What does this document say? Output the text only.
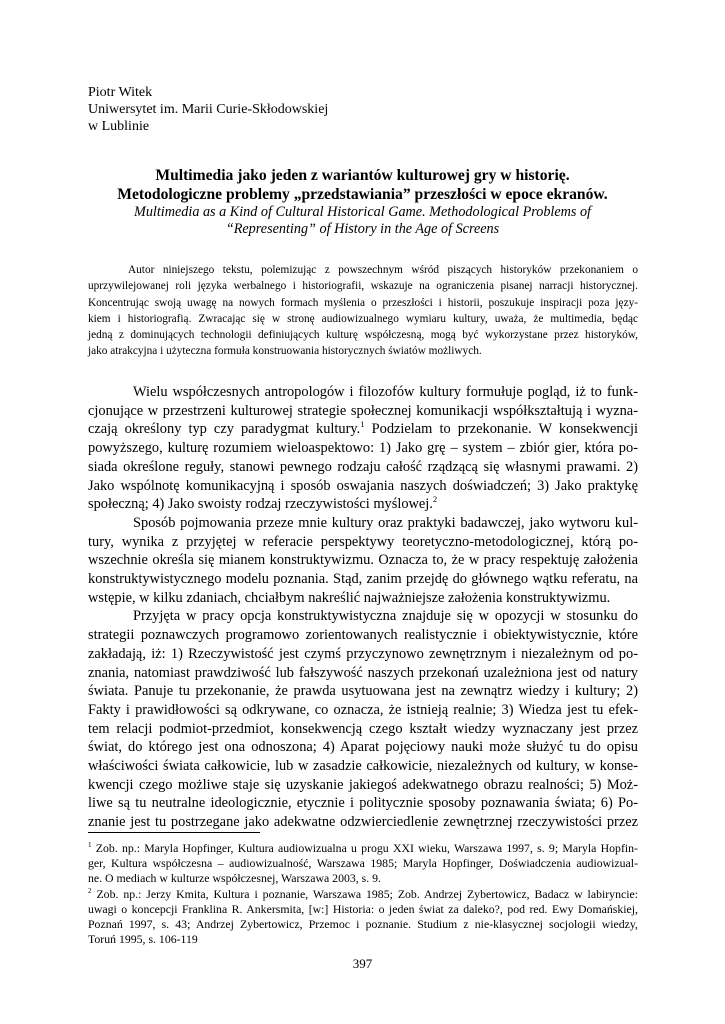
Piotr Witek
Uniwersytet im. Marii Curie-Skłodowskiej
w Lublinie
Multimedia jako jeden z wariantów kulturowej gry w historię.
Metodologiczne problemy „przedstawiania” przeszłości w epoce ekranów.
Multimedia as a Kind of Cultural Historical Game. Methodological Problems of
“Representing” of History in the Age of Screens
Autor niniejszego tekstu, polemizując z powszechnym wśród piszących historyków przekonaniem o
uprzywilejowanej roli języka werbalnego i historiografii, wskazuje na ograniczenia pisanej narracji historycznej.
Koncentrując swoją uwagę na nowych formach myślenia o przeszłości i historii, poszukuje inspiracji poza języ-
kiem i historiografią. Zwracając się w stronę audiowizualnego wymiaru kultury, uważa, że multimedia, będąc
jedną z dominujących technologii definiujących kulturę współczesną, mogą być wykorzystane przez historyków,
jako atrakcyjna i użyteczna formuła konstruowania historycznych światów możliwych.
Wielu współczesnych antropologów i filozofów kultury formułuje pogląd, iż to funk-
cjonujące w przestrzeni kulturowej strategie społecznej komunikacji współkształtują i wyzna-
czają określony typ czy paradygmat kultury.$^1$ Podzielam to przekonanie. W konsekwencji
powyższego, kulturę rozumiem wieloaspektowo: 1) Jako grę – system – zbiór gier, która po-
siada określone reguły, stanowi pewnego rodzaju całość rządzącą się własnymi prawami. 2)
Jako wspólnotę komunikacyjną i sposób oswajania naszych doświadczeń; 3) Jako praktykę
społeczną; 4) Jako swoisty rodzaj rzeczywistości myślowej.$^2$
Sposób pojmowania przeze mnie kultury oraz praktyki badawczej, jako wytworu kul-
tury, wynika z przyjętej w referacie perspektywy teoretyczno-metodologicznej, którą po-
wszechnie określa się mianem konstruktywizmu. Oznacza to, że w pracy respektuję założenia
konstruktywistycznego modelu poznania. Stąd, zanim przejdę do głównego wątku referatu, na
wstępie, w kilku zdaniach, chciałbym nakreślić najważniejsze założenia konstruktywizmu.
Przyjęta w pracy opcja konstruktywistyczna znajduje się w opozycji w stosunku do
strategii poznawczych programowo zorientowanych realistycznie i obiektywistycznie, które
zakładają, iż: 1) Rzeczywistość jest czymś przyczynowo zewnętrznym i niezależnym od po-
znania, natomiast prawdziwość lub fałszywość naszych przekonań uzależniona jest od natury
świata. Panuje tu przekonanie, że prawda usytuowana jest na zewnątrz wiedzy i kultury; 2)
Fakty i prawidłowości są odkrywane, co oznacza, że istnieją realnie; 3) Wiedza jest tu efek-
tem relacji podmiot-przedmiot, konsekwencją czego kształt wiedzy wyznaczany jest przez
świat, do którego jest ona odnoszona; 4) Aparat pojęciowy nauki może służyć tu do opisu
właściwości świata całkowicie, lub w zasadzie całkowicie, niezależnych od kultury, w konse-
kwencji czego możliwe staje się uzyskanie jakiegoś adekwatnego obrazu realności; 5) Moż-
liwe są tu neutralne ideologicznie, etycznie i politycznie sposoby poznawania świata; 6) Po-
znanie jest tu postrzegane jako adekwatne odzwierciedlenie zewnętrznej rzeczywistości przez
$^1$ Zob. np.: Maryla Hopfinger, Kultura audiowizualna u progu XXI wieku, Warszawa 1997, s. 9; Maryla Hopfin-
ger, Kultura współczesna – audiowizualność, Warszawa 1985; Maryla Hopfinger, Doświadczenia audiowizual-
ne. O mediach w kulturze współczesnej, Warszawa 2003, s. 9.
$^2$ Zob. np.: Jerzy Kmita, Kultura i poznanie, Warszawa 1985; Zob. Andrzej Zybertowicz, Badacz w labiryncie:
uwagi o koncepcji Franklina R. Ankersmita, [w:] Historia: o jeden świat za daleko?, pod red. Ewy Domańskiej,
Poznań 1997, s. 43; Andrzej Zybertowicz, Przemoc i poznanie. Studium z nie-klasycznej socjologii wiedzy,
Toruń 1995, s. 106-119
397
